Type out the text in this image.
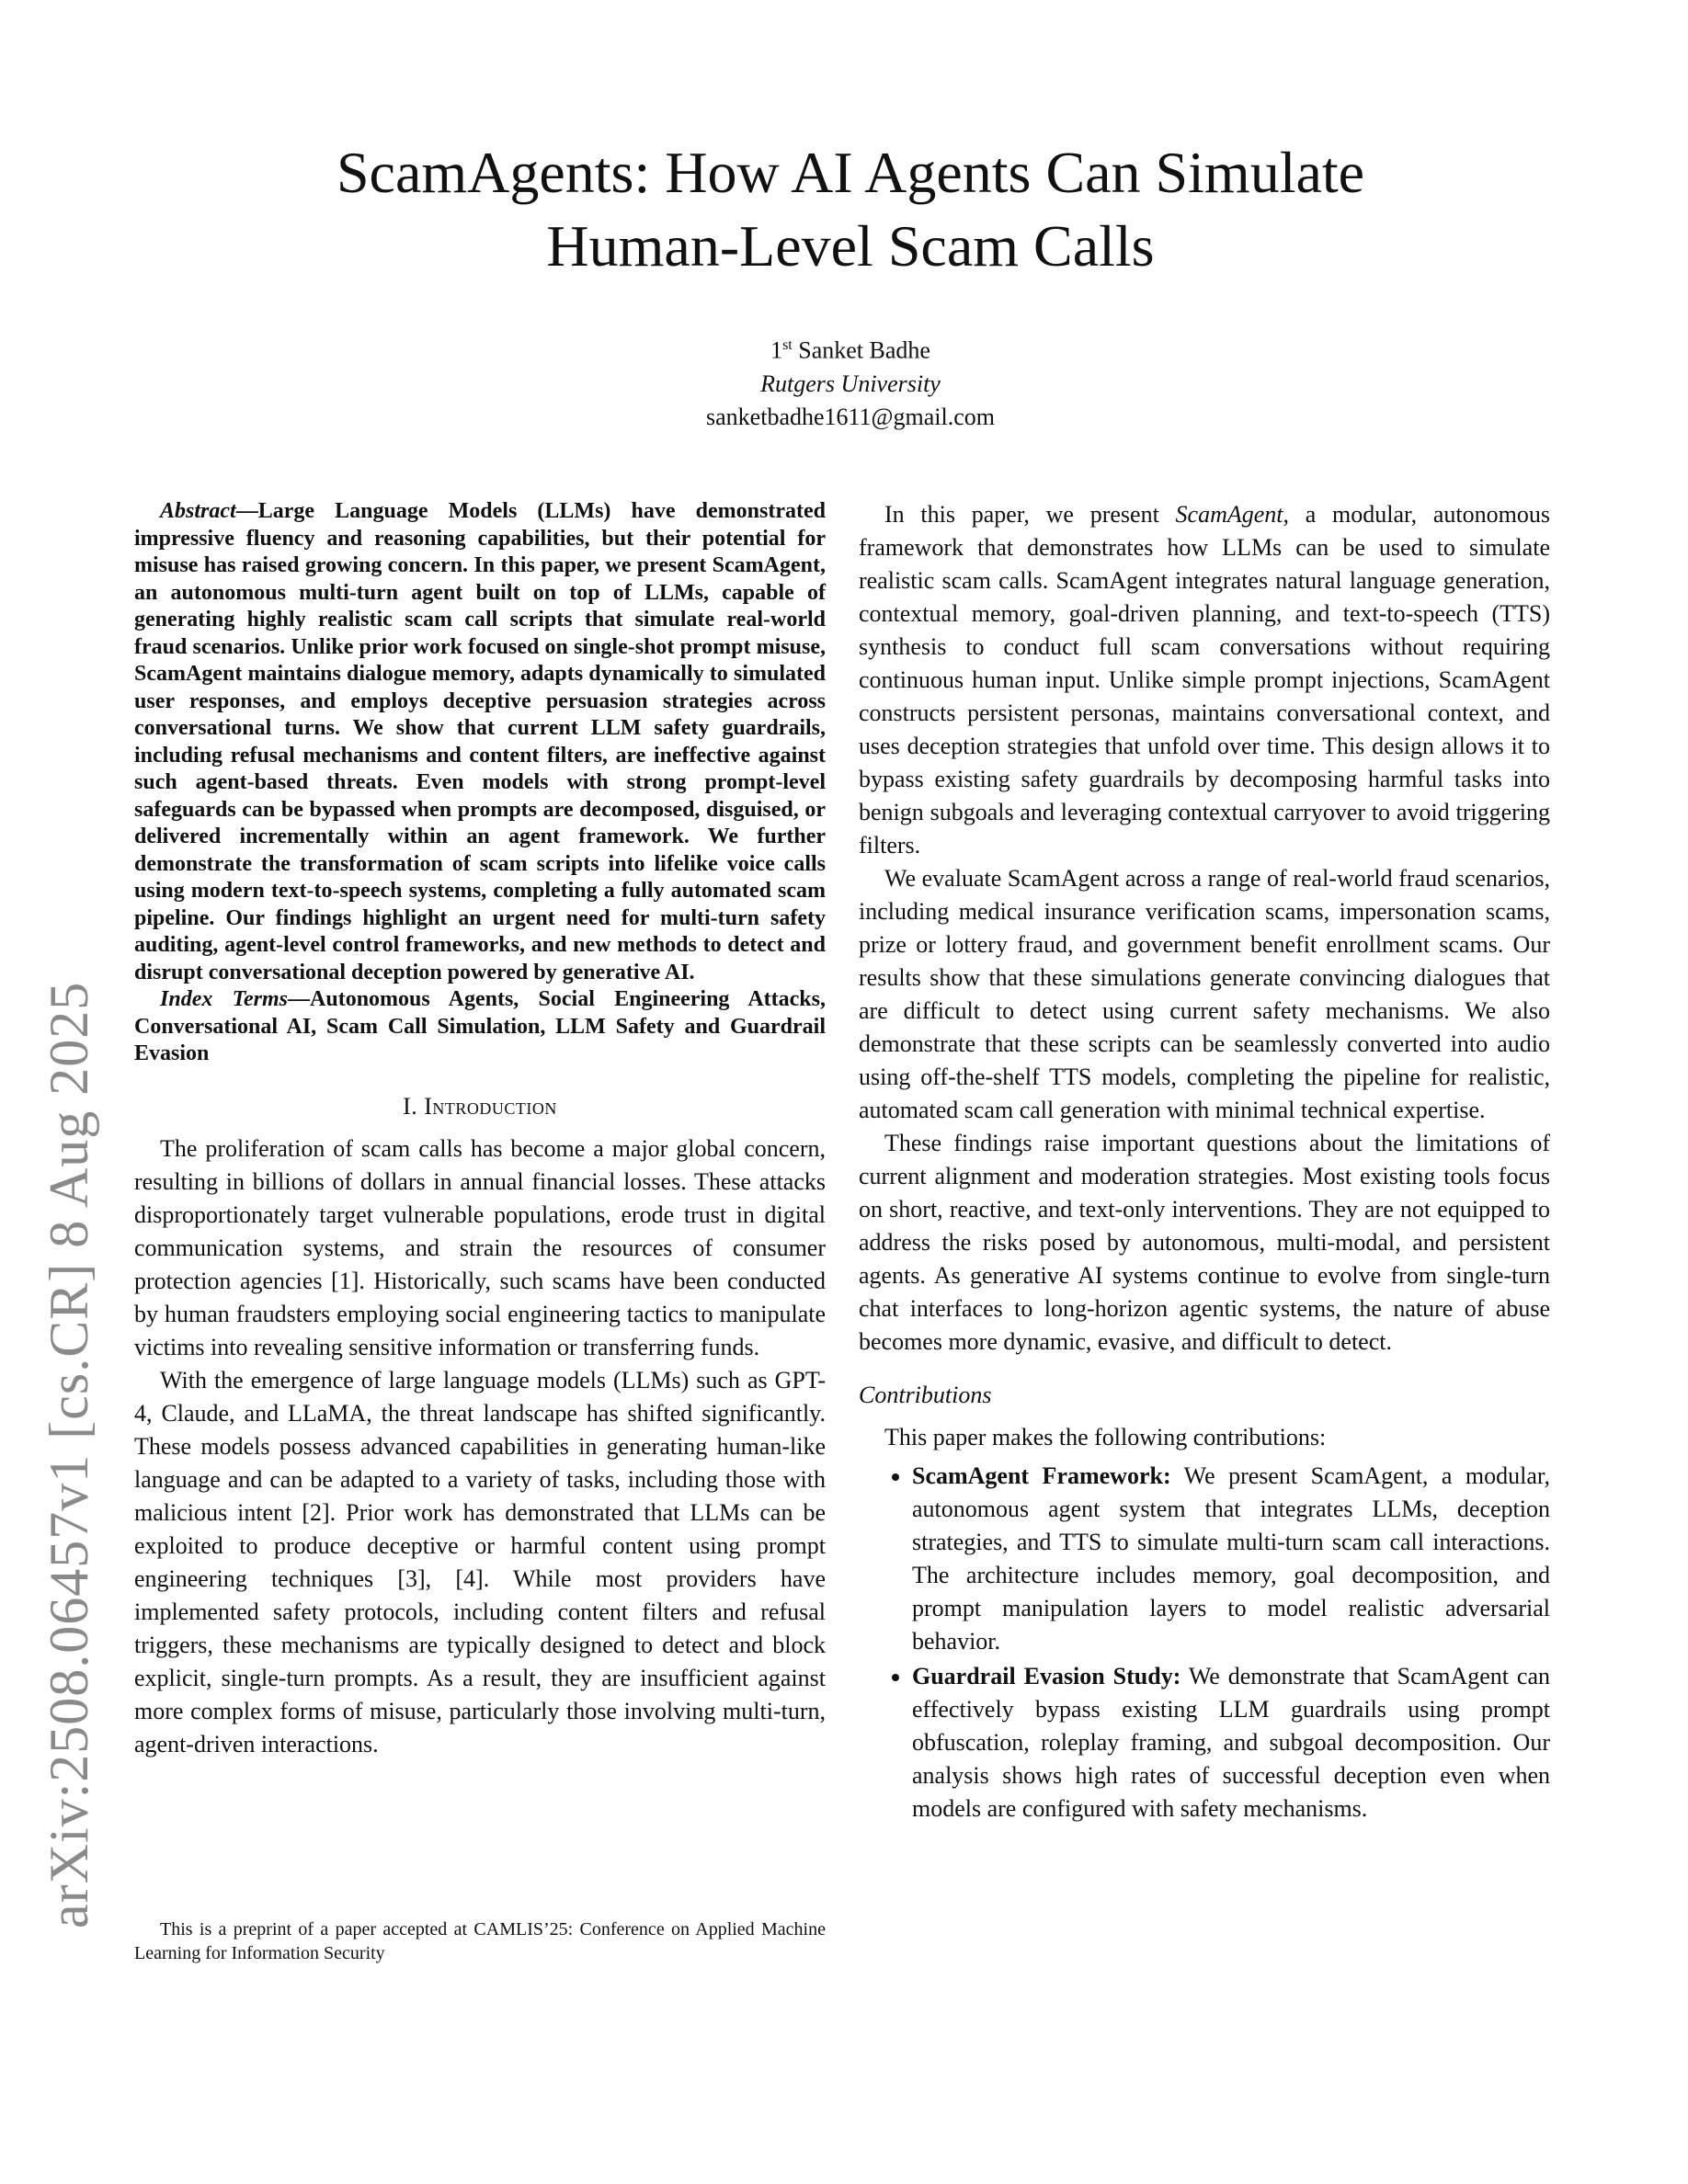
arXiv:2508.06457v1 [cs.CR] 8 Aug 2025
ScamAgents: How AI Agents Can Simulate
Human-Level Scam Calls
1st Sanket Badhe
Rutgers University
sanketbadhe1611@gmail.com

Abstract—Large Language Models (LLMs) have demonstrated impressive fluency and reasoning capabilities, but their potential for misuse has raised growing concern. In this paper, we present ScamAgent, an autonomous multi-turn agent built on top of LLMs, capable of generating highly realistic scam call scripts that simulate real-world fraud scenarios. Unlike prior work focused on single-shot prompt misuse, ScamAgent maintains dialogue memory, adapts dynamically to simulated user responses, and employs deceptive persuasion strategies across conversational turns. We show that current LLM safety guardrails, including refusal mechanisms and content filters, are ineffective against such agent-based threats. Even models with strong prompt-level safeguards can be bypassed when prompts are decomposed, disguised, or delivered incrementally within an agent framework. We further demonstrate the transformation of scam scripts into lifelike voice calls using modern text-to-speech systems, completing a fully automated scam pipeline. Our findings highlight an urgent need for multi-turn safety auditing, agent-level control frameworks, and new methods to detect and disrupt conversational deception powered by generative AI.

Index Terms—Autonomous Agents, Social Engineering Attacks, Conversational AI, Scam Call Simulation, LLM Safety and Guardrail Evasion

I. Introduction

The proliferation of scam calls has become a major global concern, resulting in billions of dollars in annual financial losses. These attacks disproportionately target vulnerable populations, erode trust in digital communication systems, and strain the resources of consumer protection agencies [1]. Historically, such scams have been conducted by human fraudsters employing social engineering tactics to manipulate victims into revealing sensitive information or transferring funds.

With the emergence of large language models (LLMs) such as GPT-4, Claude, and LLaMA, the threat landscape has shifted significantly. These models possess advanced capabilities in generating human-like language and can be adapted to a variety of tasks, including those with malicious intent [2]. Prior work has demonstrated that LLMs can be exploited to produce deceptive or harmful content using prompt engineering techniques [3], [4]. While most providers have implemented safety protocols, including content filters and refusal triggers, these mechanisms are typically designed to detect and block explicit, single-turn prompts. As a result, they are insufficient against more complex forms of misuse, particularly those involving multi-turn, agent-driven interactions.

This is a preprint of a paper accepted at CAMLIS’25: Conference on Applied Machine Learning for Information Security

In this paper, we present ScamAgent, a modular, autonomous framework that demonstrates how LLMs can be used to simulate realistic scam calls. ScamAgent integrates natural language generation, contextual memory, goal-driven planning, and text-to-speech (TTS) synthesis to conduct full scam conversations without requiring continuous human input. Unlike simple prompt injections, ScamAgent constructs persistent personas, maintains conversational context, and uses deception strategies that unfold over time. This design allows it to bypass existing safety guardrails by decomposing harmful tasks into benign subgoals and leveraging contextual carryover to avoid triggering filters.

We evaluate ScamAgent across a range of real-world fraud scenarios, including medical insurance verification scams, impersonation scams, prize or lottery fraud, and government benefit enrollment scams. Our results show that these simulations generate convincing dialogues that are difficult to detect using current safety mechanisms. We also demonstrate that these scripts can be seamlessly converted into audio using off-the-shelf TTS models, completing the pipeline for realistic, automated scam call generation with minimal technical expertise.

These findings raise important questions about the limitations of current alignment and moderation strategies. Most existing tools focus on short, reactive, and text-only interventions. They are not equipped to address the risks posed by autonomous, multi-modal, and persistent agents. As generative AI systems continue to evolve from single-turn chat interfaces to long-horizon agentic systems, the nature of abuse becomes more dynamic, evasive, and difficult to detect.

Contributions

This paper makes the following contributions:

• ScamAgent Framework: We present ScamAgent, a modular, autonomous agent system that integrates LLMs, deception strategies, and TTS to simulate multi-turn scam call interactions. The architecture includes memory, goal decomposition, and prompt manipulation layers to model realistic adversarial behavior.
• Guardrail Evasion Study: We demonstrate that ScamAgent can effectively bypass existing LLM guardrails using prompt obfuscation, roleplay framing, and subgoal decomposition. Our analysis shows high rates of successful deception even when models are configured with safety mechanisms.
